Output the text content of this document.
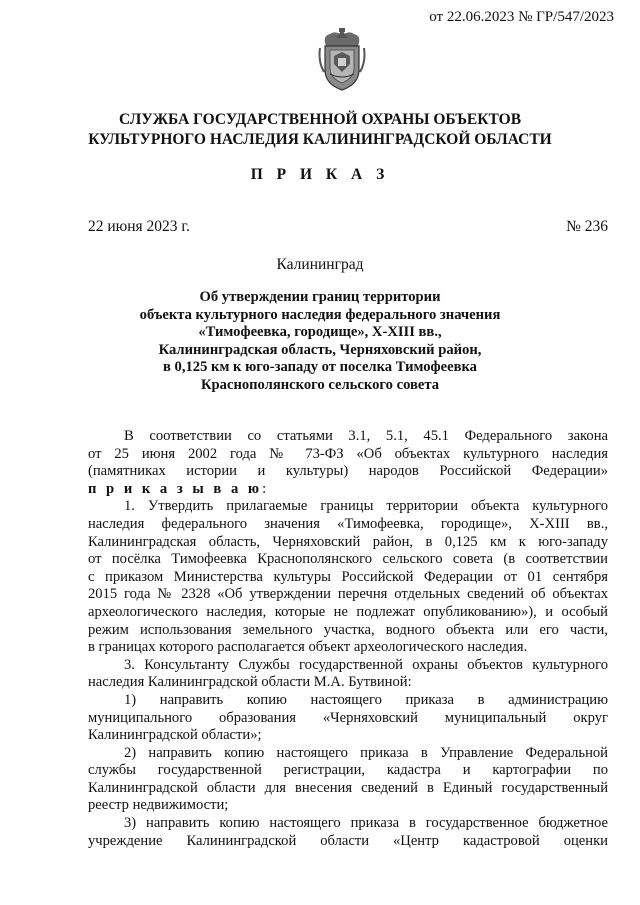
от 22.06.2023 № ГР/547/2023
СЛУЖБА ГОСУДАРСТВЕННОЙ ОХРАНЫ ОБЪЕКТОВ
КУЛЬТУРНОГО НАСЛЕДИЯ КАЛИНИНГРАДСКОЙ ОБЛАСТИ
П Р И К А З
22 июня 2023 г.	№ 236
Калининград
Об утверждении границ территории
объекта культурного наследия федерального значения
«Тимофеевка, городище», X-XIII вв.,
Калининградская область, Черняховский район,
в 0,125 км к юго-западу от поселка Тимофеевка
Краснополянского сельского совета
В соответствии со статьями 3.1, 5.1, 45.1 Федерального закона
от 25 июня 2002 года № 73-ФЗ «Об объектах культурного наследия
(памятниках истории и культуры) народов Российской Федерации»
п р и к а з ы в а ю:
1. Утвердить прилагаемые границы территории объекта культурного
наследия федерального значения «Тимофеевка, городище», X-XIII вв.,
Калининградская область, Черняховский район, в 0,125 км к юго-западу
от посёлка Тимофеевка Краснополянского сельского совета (в соответствии
с приказом Министерства культуры Российской Федерации от 01 сентября
2015 года № 2328 «Об утверждении перечня отдельных сведений об объектах
археологического наследия, которые не подлежат опубликованию»), и особый
режим использования земельного участка, водного объекта или его части,
в границах которого располагается объект археологического наследия.
3. Консультанту Службы государственной охраны объектов культурного
наследия Калининградской области М.А. Бутвиной:
1) направить копию настоящего приказа в администрацию
муниципального образования «Черняховский муниципальный округ
Калининградской области»;
2) направить копию настоящего приказа в Управление Федеральной
службы государственной регистрации, кадастра и картографии по
Калининградской области для внесения сведений в Единый государственный
реестр недвижимости;
3) направить копию настоящего приказа в государственное бюджетное
учреждение Калининградской области «Центр кадастровой оценки
